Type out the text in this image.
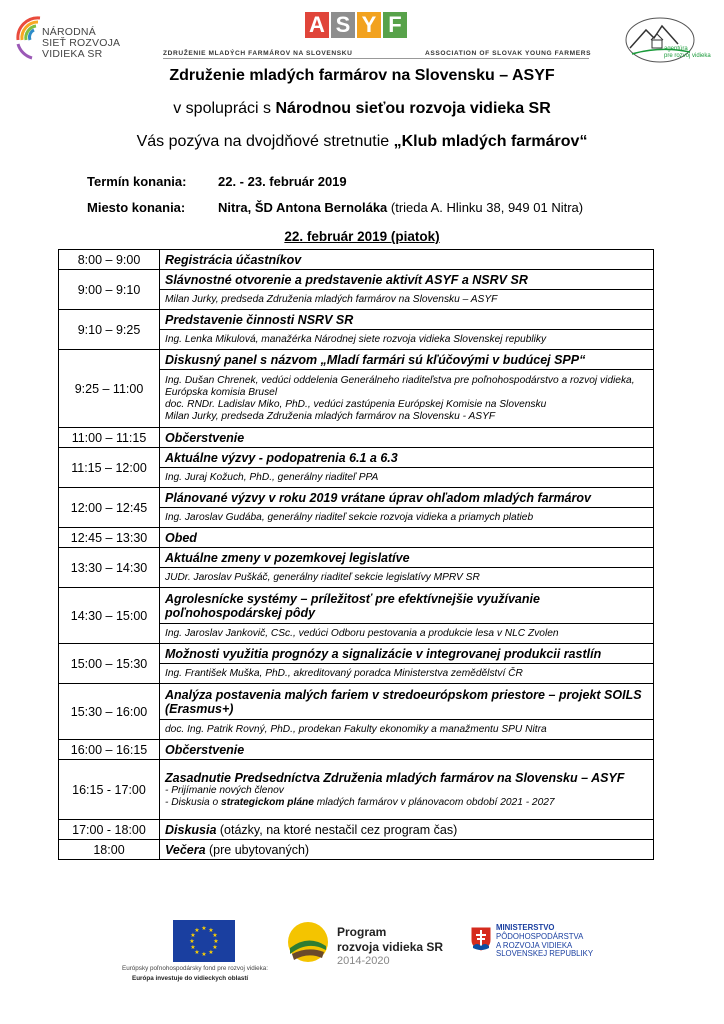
NÁRODNÁ
SIEŤ ROZVOJA
VIDIEKA SR
A S Y F
ZDRUŽENIE MLADÝCH FARMÁROV NA SLOVENSKU	ASSOCIATION OF SLOVAK YOUNG FARMERS
agentúra
pre rozvoj vidieka
Združenie mladých farmárov na Slovensku – ASYF
v spolupráci s Národnou sieťou rozvoja vidieka SR
Vás pozýva na dvojdňové stretnutie „Klub mladých farmárov“
Termín konania: 22. - 23. február 2019
Miesto konania:	Nitra, ŠD Antona Bernoláka (trieda A. Hlinku 38, 949 01 Nitra)
22. február 2019 (piatok)
8:00 – 9:00	Registrácia účastníkov
9:00 – 9:10	Slávnostné otvorenie a predstavenie aktivít ASYF a NSRV SR
	Milan Jurky, predseda Združenia mladých farmárov na Slovensku – ASYF
9:10 – 9:25	Predstavenie činnosti NSRV SR
	Ing. Lenka Mikulová, manažérka Národnej siete rozvoja vidieka Slovenskej republiky
9:25 – 11:00	Diskusný panel s názvom „Mladí farmári sú kľúčovými v budúcej SPP“

	Ing. Dušan Chrenek, vedúci oddelenia Generálneho riaditeľstva pre poľnohospodárstvo a rozvoj vidieka, Európska komisia Brusel
doc. RNDr. Ladislav Miko, PhD., vedúci zastúpenia Európskej Komisie na Slovensku
Milan Jurky, predseda Združenia mladých farmárov na Slovensku - ASYF

11:00 – 11:15	Občerstvenie
11:15 – 12:00	Aktuálne výzvy - podopatrenia 6.1 a 6.3
	Ing. Juraj Kožuch, PhD., generálny riaditeľ PPA
12:00 – 12:45	Plánované výzvy v roku 2019 vrátane úprav ohľadom mladých farmárov
	Ing. Jaroslav Gudába, generálny riaditeľ sekcie rozvoja vidieka a priamych platieb
12:45 – 13:30	Obed
13:30 – 14:30	Aktuálne zmeny v pozemkovej legislatíve
	JUDr. Jaroslav Puškáč, generálny riaditeľ sekcie legislatívy MPRV SR
14:30 – 15:00	Agrolesnícke systémy – príležitosť pre efektívnejšie využívanie poľnohospodárskej pôdy
	Ing. Jaroslav Jankovič, CSc., vedúci Odboru pestovania a produkcie lesa v NLC Zvolen
15:00 – 15:30	Možnosti využitia prognózy a signalizácie v integrovanej produkcii rastlín
	Ing. František Muška, PhD., akreditovaný poradca Ministerstva zemědělství ČR
15:30 – 16:00	Analýza postavenia malých fariem v stredoeurópskom priestore – projekt SOILS (Erasmus+)
	doc. Ing. Patrik Rovný, PhD., prodekan Fakulty ekonomiky a manažmentu SPU Nitra
16:00 – 16:15	Občerstvenie
16:15 - 17:00	Zasadnutie Predsedníctva Združenia mladých farmárov na Slovensku – ASYF
- Prijímanie nových členov
- Diskusia o strategickom pláne mladých farmárov v plánovacom období 2021 - 2027

17:00 - 18:00	Diskusia (otázky, na ktoré nestačil cez program čas)
18:00	Večera (pre ubytovaných)
★ ★
★
★
★
★
★
★
★
★
★
★
Európsky poľnohospodársky fond pre rozvoj vidieka:
Európa investuje do vidieckych oblastí
Program
rozvoja vidieka SR
2014-2020
MINISTERSTVO
PÔDOHOSPODÁRSTVA
A ROZVOJA VIDIEKA
SLOVENSKEJ REPUBLIKY
